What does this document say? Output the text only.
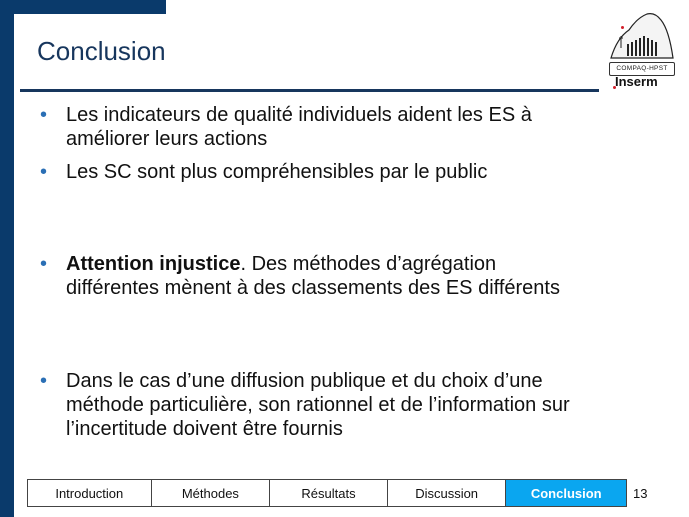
Conclusion
COMPAQ-HPST
Inserm
• Les indicateurs de qualité individuels aident les ES à
améliorer leurs actions
• Les SC sont plus compréhensibles par le public
• Attention injustice. Des méthodes d’agrégation
différentes mènent à des classements des ES différents
• Dans le cas d’une diffusion publique et du choix d’une
méthode particulière, son rationnel et de l’information sur
l’incertitude doivent être fournis
Introduction	Méthodes	Résultats	Discussion	Conclusion	13
